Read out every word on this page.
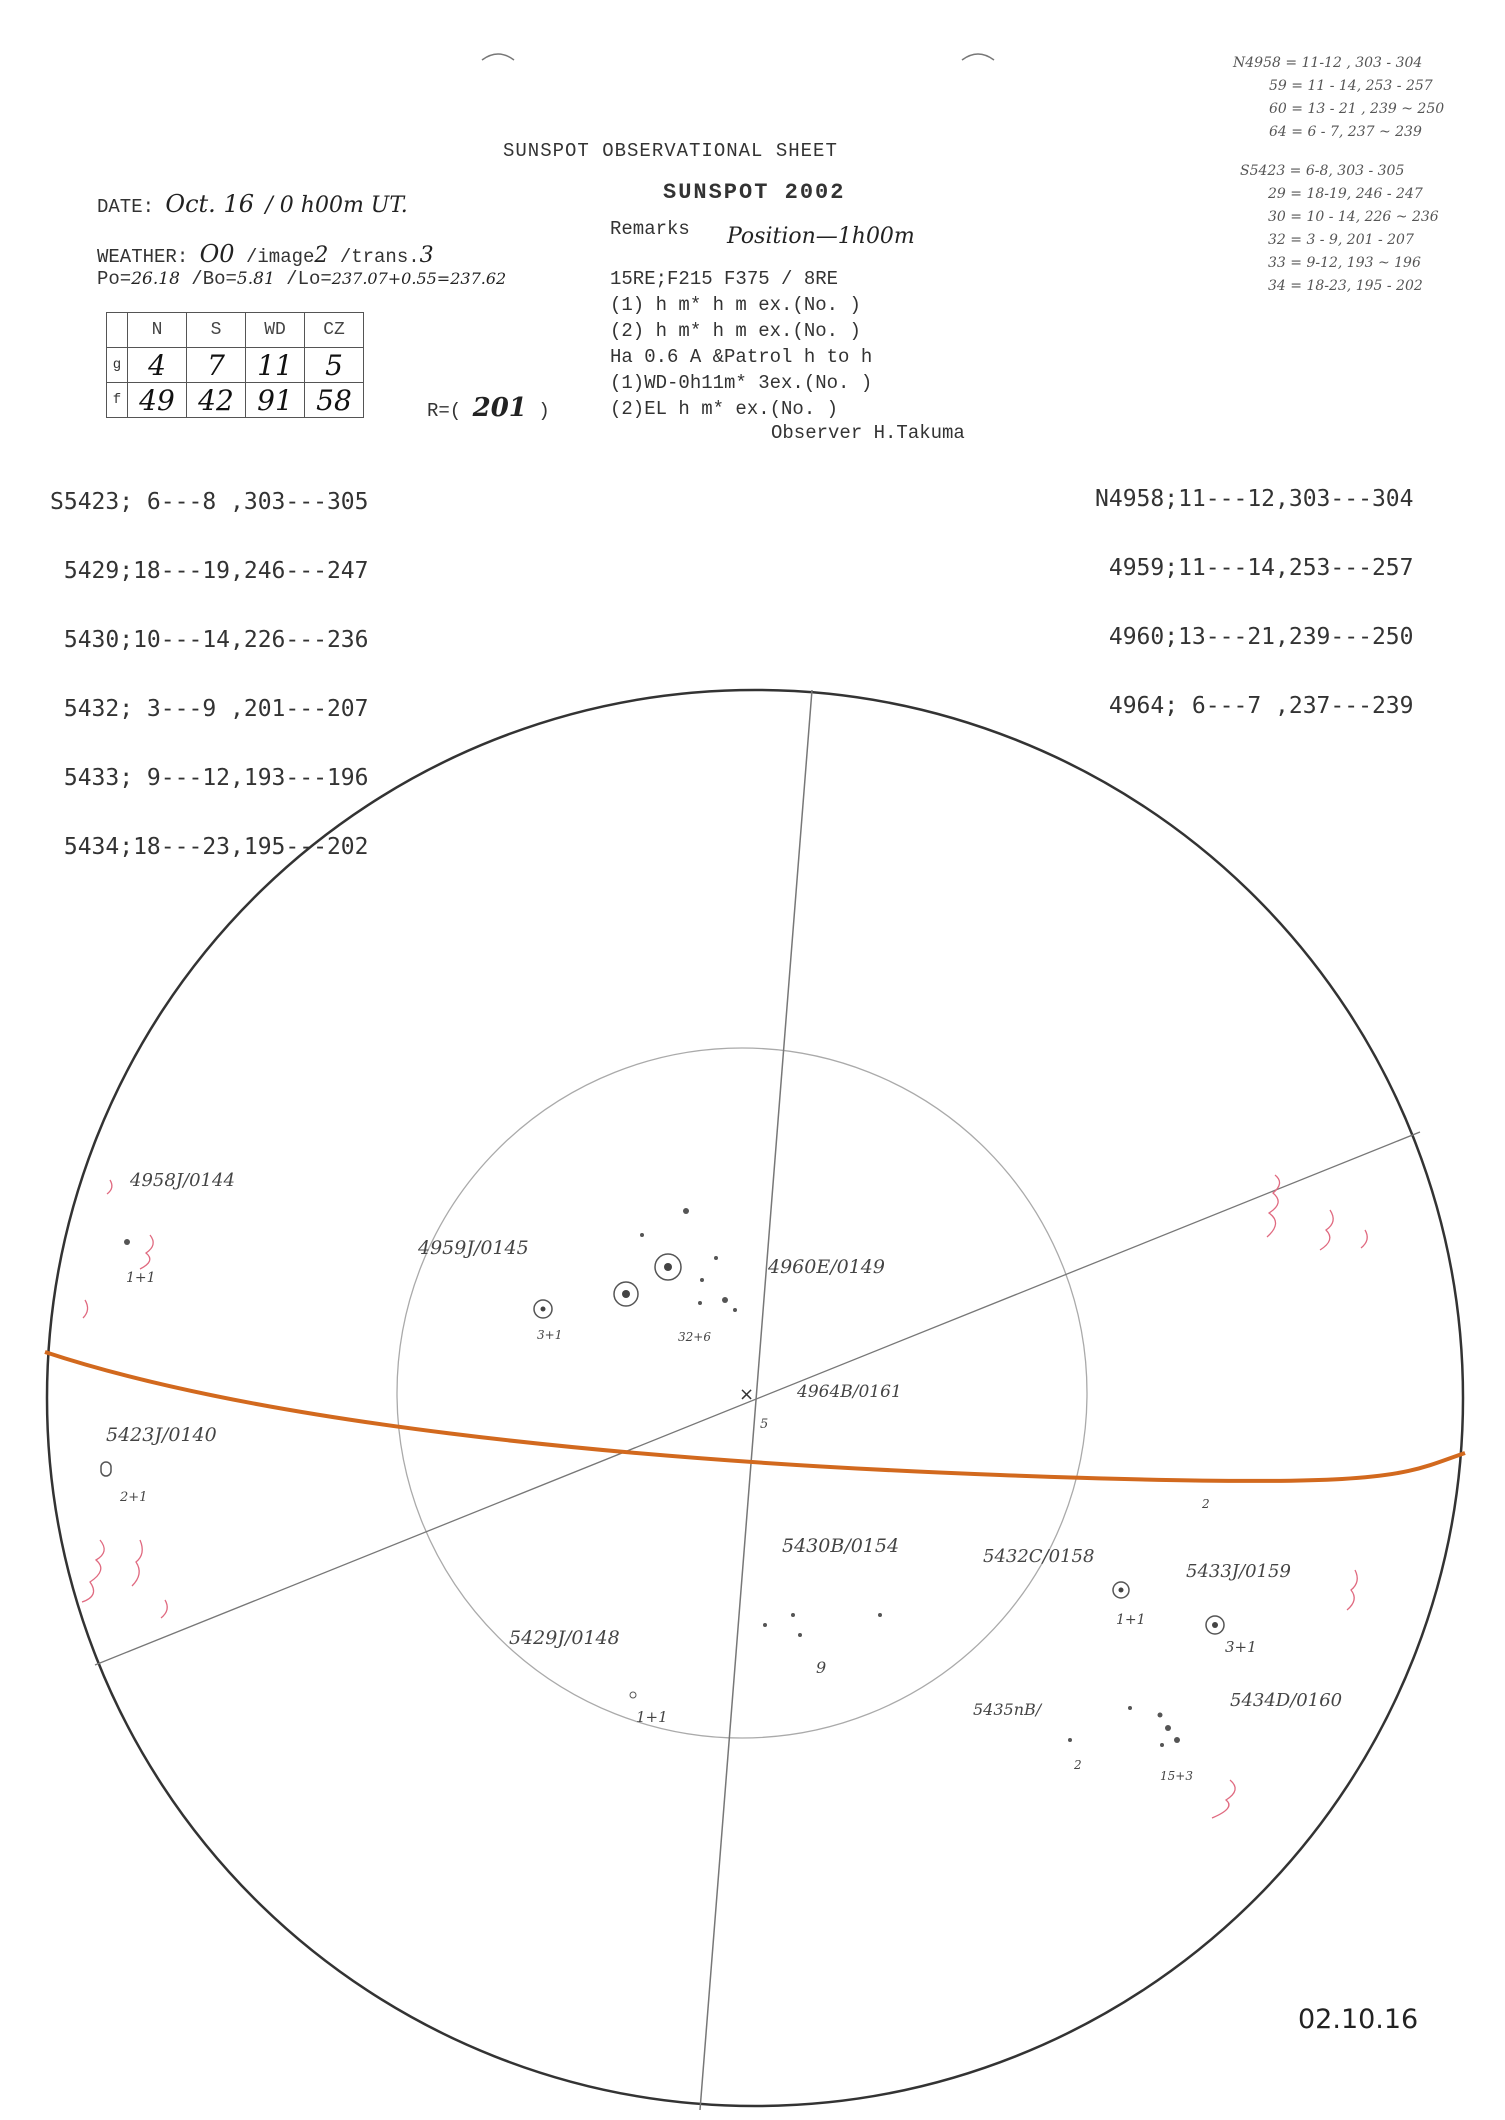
SUNSPOT OBSERVATIONAL SHEET
SUNSPOT 2002
DATE: Oct. 16 / 0 h00m UT.
WEATHER: O0 /image2 /trans.3
Po=26.18 /Bo=5.81 /Lo=237.07+0.55=237.62
Remarks Position—1h00m
	N	S	WD	CZ
g	4	7	11	5
f	49	42	91	58	R=( 201 )
15RE;F215 F375 / 8RE
(1) h m* h m ex.(No. )
(2) h m* h m ex.(No. )
Ha 0.6 A &Patrol h to h
(1)WD-0h11m* 3ex.(No. )
(2)EL h m* ex.(No. )
Observer H.Takuma

S5423; 6---8 ,303---305

5429;18---19,246---247

5430;10---14,226---236

5432; 3---9 ,201---207

5433; 9---12,193---196

5434;18---23,195---202

N4958;11---12,303---304

4959;11---14,253---257

4960;13---21,239---250

4964; 6---7 ,237---239

N4958 = 11-12 , 303 - 304
59 = 11 - 14, 253 - 257
60 = 13 - 21 , 239 ~ 250
64 = 6 - 7, 237 ~ 239
S5423 = 6-8, 303 - 305
29 = 18-19, 246 - 247
30 = 10 - 14, 226 ~ 236
32 = 3 - 9, 201 - 207
33 = 9-12, 193 ~ 196
34 = 18-23, 195 - 202
×
4958J/0144
1+1
4959J/0145
3+1
4960E/0149
32+6
4964B/0161
5
5423J/0140
2+1
5430B/0154
9
5429J/0148
1+1
5432C/0158
1+1
5433J/0159
3+1
5434D/0160
15+3
5435nB/
2
2
02.10.16
